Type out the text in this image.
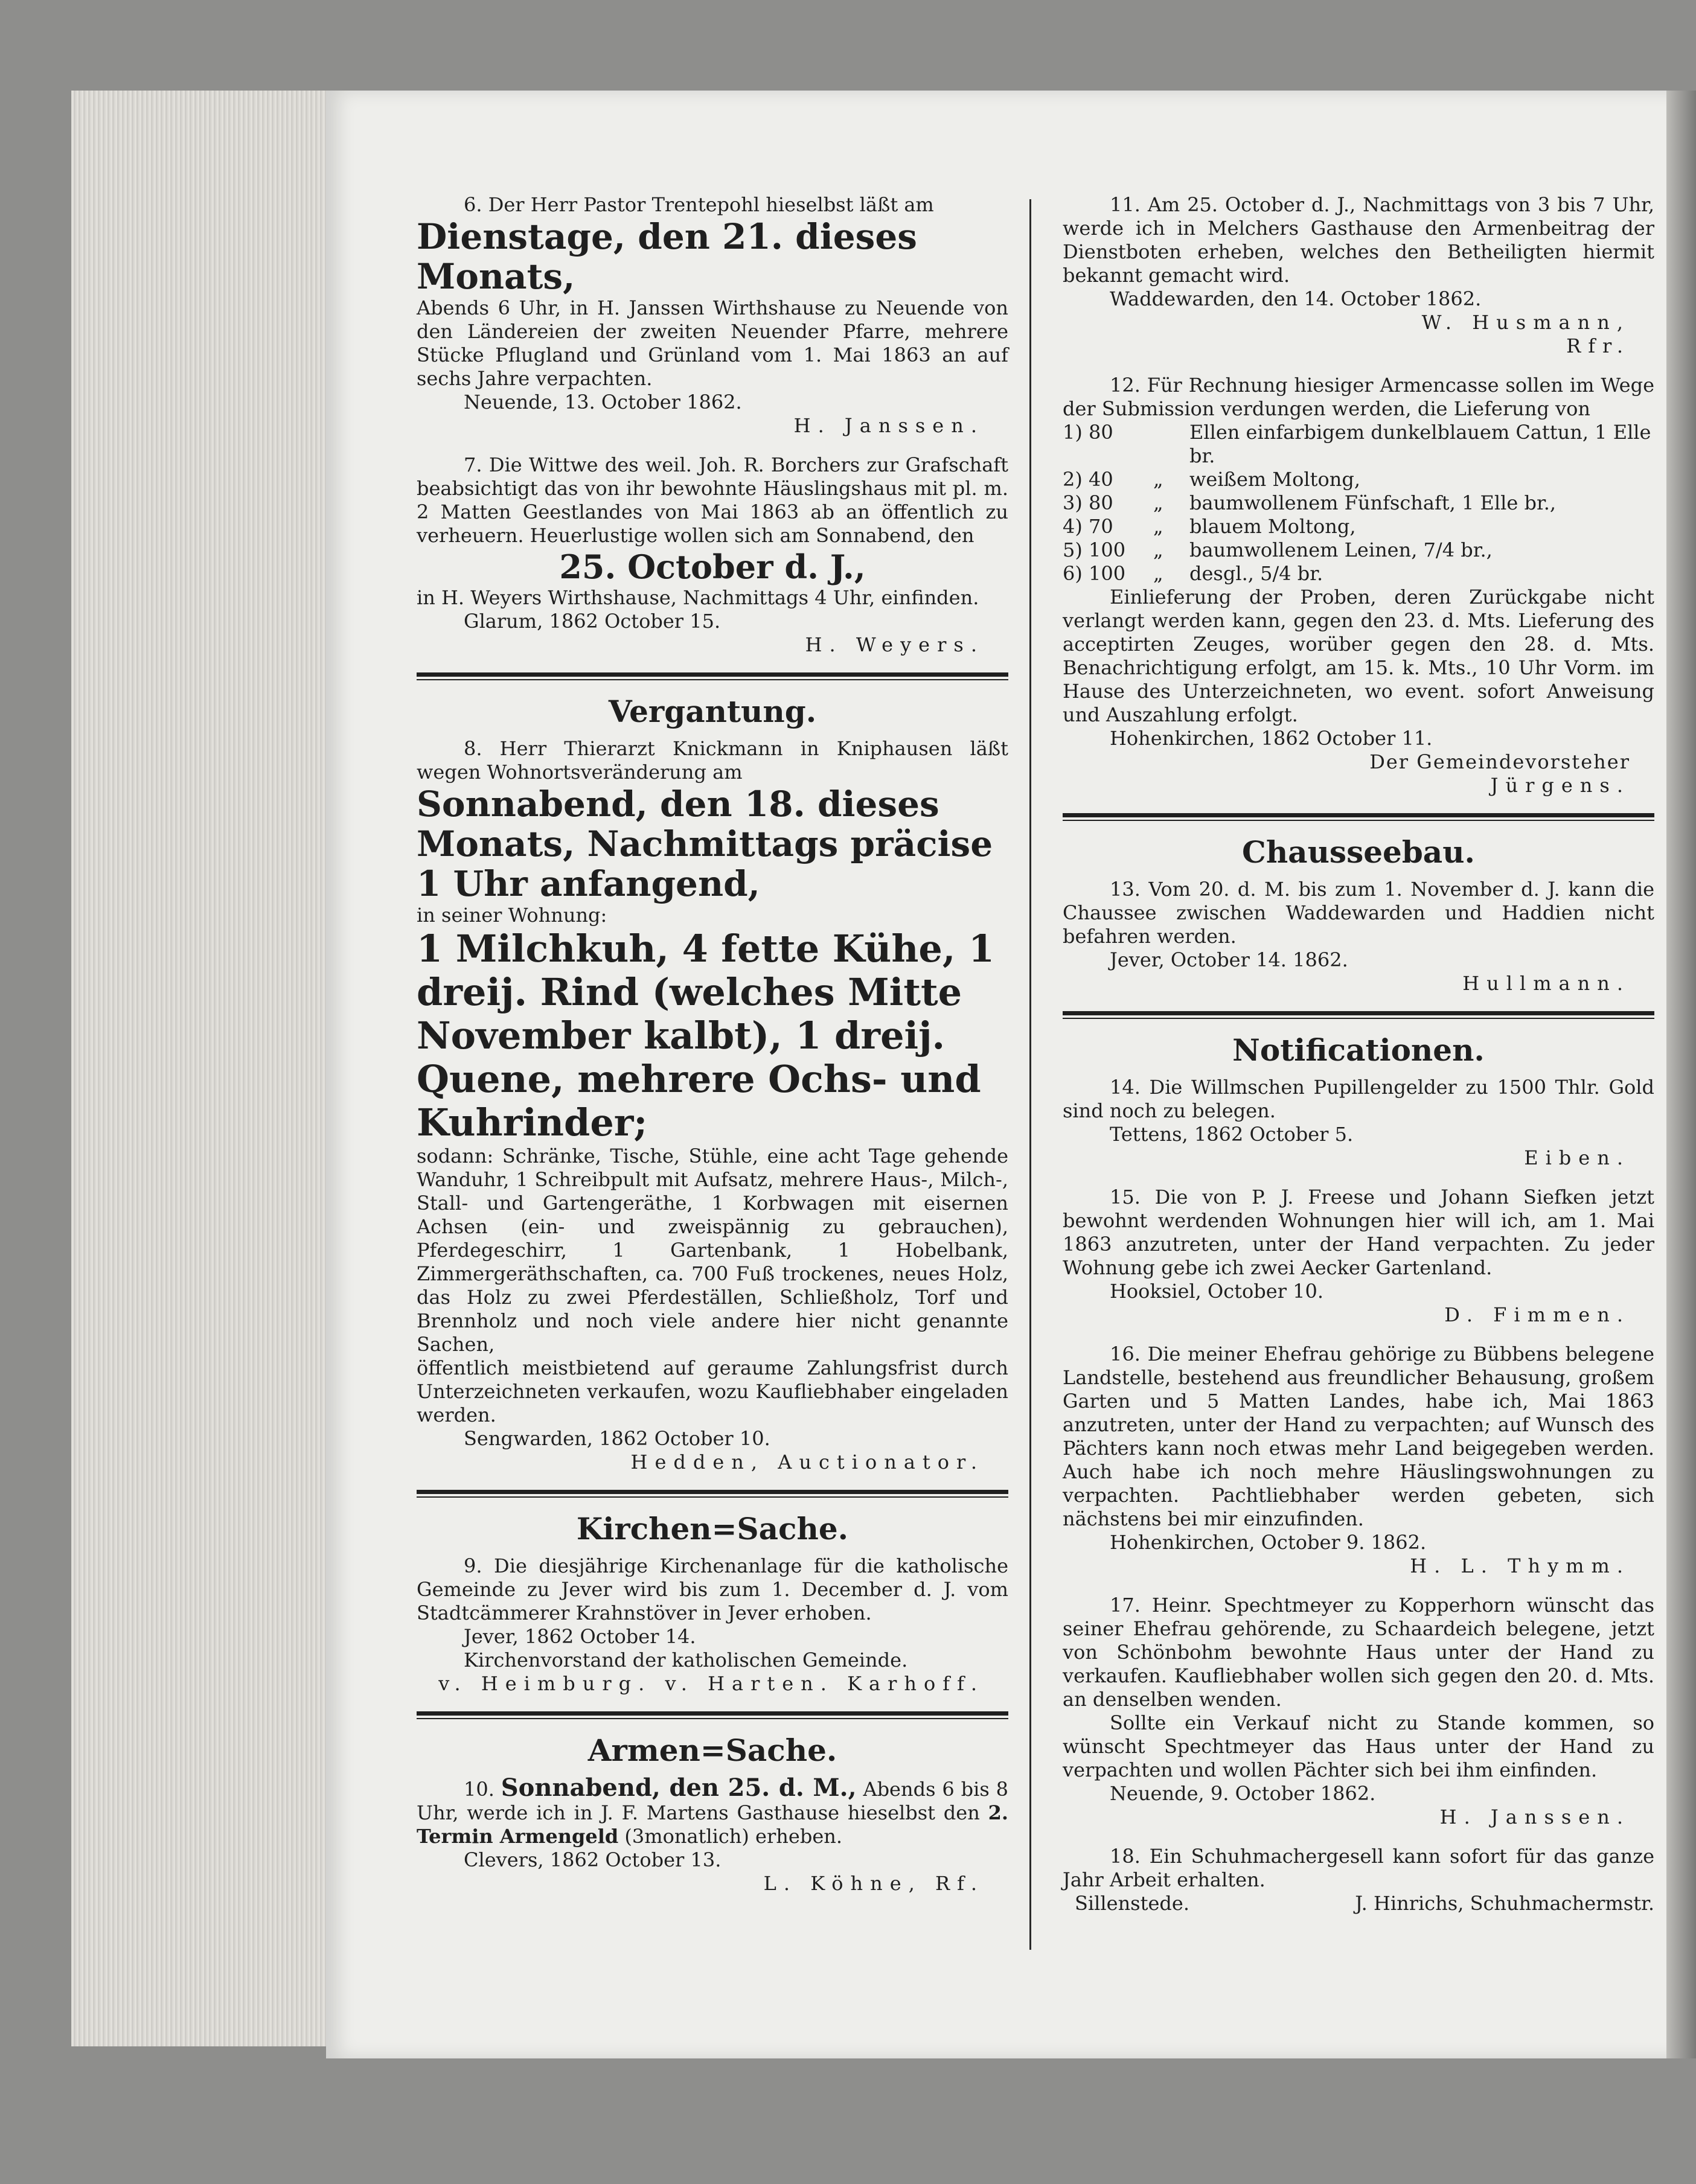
6. Der Herr Pastor Trentepohl hieselbst läßt am

Dienstage, den 21. dieses Monats,

Abends 6 Uhr, in H. Janssen Wirthshause zu Neuende von den Ländereien der zweiten Neuender Pfarre, mehrere Stücke Pflugland und Grünland vom 1. Mai 1863 an auf sechs Jahre verpachten.

Neuende, 13. October 1862.

H. Janssen.

7. Die Wittwe des weil. Joh. R. Borchers zur Grafschaft beabsichtigt das von ihr bewohnte Häuslingshaus mit pl. m. 2 Matten Geestlandes von Mai 1863 ab an öffentlich zu verheuern. Heuerlustige wollen sich am Sonnabend, den

25. October d. J.,

in H. Weyers Wirthshause, Nachmittags 4 Uhr, einfinden.

Glarum, 1862 October 15.

H. Weyers.

Vergantung.

8. Herr Thierarzt Knickmann in Kniphausen läßt wegen Wohnortsveränderung am

Sonnabend, den 18. dieses Monats, Nachmittags präcise 1 Uhr anfangend,

in seiner Wohnung:

1 Milchkuh, 4 fette Kühe, 1 dreij. Rind (welches Mitte November kalbt), 1 dreij. Quene, mehrere Ochs- und Kuhrinder;

sodann: Schränke, Tische, Stühle, eine acht Tage gehende Wanduhr, 1 Schreibpult mit Aufsatz, mehrere Haus-, Milch-, Stall- und Gartengeräthe, 1 Korbwagen mit eisernen Achsen (ein- und zweispännig zu gebrauchen), Pferdegeschirr, 1 Gartenbank, 1 Hobelbank, Zimmergeräthschaften, ca. 700 Fuß trockenes, neues Holz, das Holz zu zwei Pferdeställen, Schließholz, Torf und Brennholz und noch viele andere hier nicht genannte Sachen,

öffentlich meistbietend auf geraume Zahlungsfrist durch Unterzeichneten verkaufen, wozu Kaufliebhaber eingeladen werden.

Sengwarden, 1862 October 10.

Hedden, Auctionator.

Kirchen=Sache.

9. Die diesjährige Kirchenanlage für die katholische Gemeinde zu Jever wird bis zum 1. December d. J. vom Stadtcämmerer Krahnstöver in Jever erhoben.

Jever, 1862 October 14.

Kirchenvorstand der katholischen Gemeinde.

v. Heimburg. v. Harten. Karhoff.

Armen=Sache.

10. Sonnabend, den 25. d. M., Abends 6 bis 8 Uhr, werde ich in J. F. Martens Gasthause hieselbst den 2. Termin Armengeld (3monatlich) erheben.

Clevers, 1862 October 13.

L. Köhne, Rf.

11. Am 25. October d. J., Nachmittags von 3 bis 7 Uhr, werde ich in Melchers Gasthause den Armenbeitrag der Dienstboten erheben, welches den Betheiligten hiermit bekannt gemacht wird.

Waddewarden, den 14. October 1862.

W. Husmann,

Rfr.

12. Für Rechnung hiesiger Armencasse sollen im Wege der Submission verdungen werden, die Lieferung von

1) 80	Ellen einfarbigem dunkelblauem Cattun, 1 Elle br.
2) 40	„	weißem Moltong,
3) 80	„	baumwollenem Fünfschaft, 1 Elle br.,
4) 70	„	blauem Moltong,
5) 100	„	baumwollenem Leinen, 7/4 br.,
6) 100	„	desgl., 5/4 br.

Einlieferung der Proben, deren Zurückgabe nicht verlangt werden kann, gegen den 23. d. Mts. Lieferung des acceptirten Zeuges, worüber gegen den 28. d. Mts. Benachrichtigung erfolgt, am 15. k. Mts., 10 Uhr Vorm. im Hause des Unterzeichneten, wo event. sofort Anweisung und Auszahlung erfolgt.

Hohenkirchen, 1862 October 11.

Der Gemeindevorsteher

Jürgens.

Chausseebau.

13. Vom 20. d. M. bis zum 1. November d. J. kann die Chaussee zwischen Waddewarden und Haddien nicht befahren werden.

Jever, October 14. 1862.

Hullmann.

Notificationen.

14. Die Willmschen Pupillengelder zu 1500 Thlr. Gold sind noch zu belegen.

Tettens, 1862 October 5.

Eiben.

15. Die von P. J. Freese und Johann Siefken jetzt bewohnt werdenden Wohnungen hier will ich, am 1. Mai 1863 anzutreten, unter der Hand verpachten. Zu jeder Wohnung gebe ich zwei Aecker Gartenland.

Hooksiel, October 10.

D. Fimmen.

16. Die meiner Ehefrau gehörige zu Bübbens belegene Landstelle, bestehend aus freundlicher Behausung, großem Garten und 5 Matten Landes, habe ich, Mai 1863 anzutreten, unter der Hand zu verpachten; auf Wunsch des Pächters kann noch etwas mehr Land beigegeben werden. Auch habe ich noch mehre Häuslingswohnungen zu verpachten. Pachtliebhaber werden gebeten, sich nächstens bei mir einzufinden.

Hohenkirchen, October 9. 1862.

H. L. Thymm.

17. Heinr. Spechtmeyer zu Kopperhorn wünscht das seiner Ehefrau gehörende, zu Schaardeich belegene, jetzt von Schönbohm bewohnte Haus unter der Hand zu verkaufen. Kaufliebhaber wollen sich gegen den 20. d. Mts. an denselben wenden.

Sollte ein Verkauf nicht zu Stande kommen, so wünscht Spechtmeyer das Haus unter der Hand zu verpachten und wollen Pächter sich bei ihm einfinden.

Neuende, 9. October 1862.

H. Janssen.

18. Ein Schuhmachergesell kann sofort für das ganze Jahr Arbeit erhalten.

Sillenstede.	J. Hinrichs, Schuhmachermstr.
